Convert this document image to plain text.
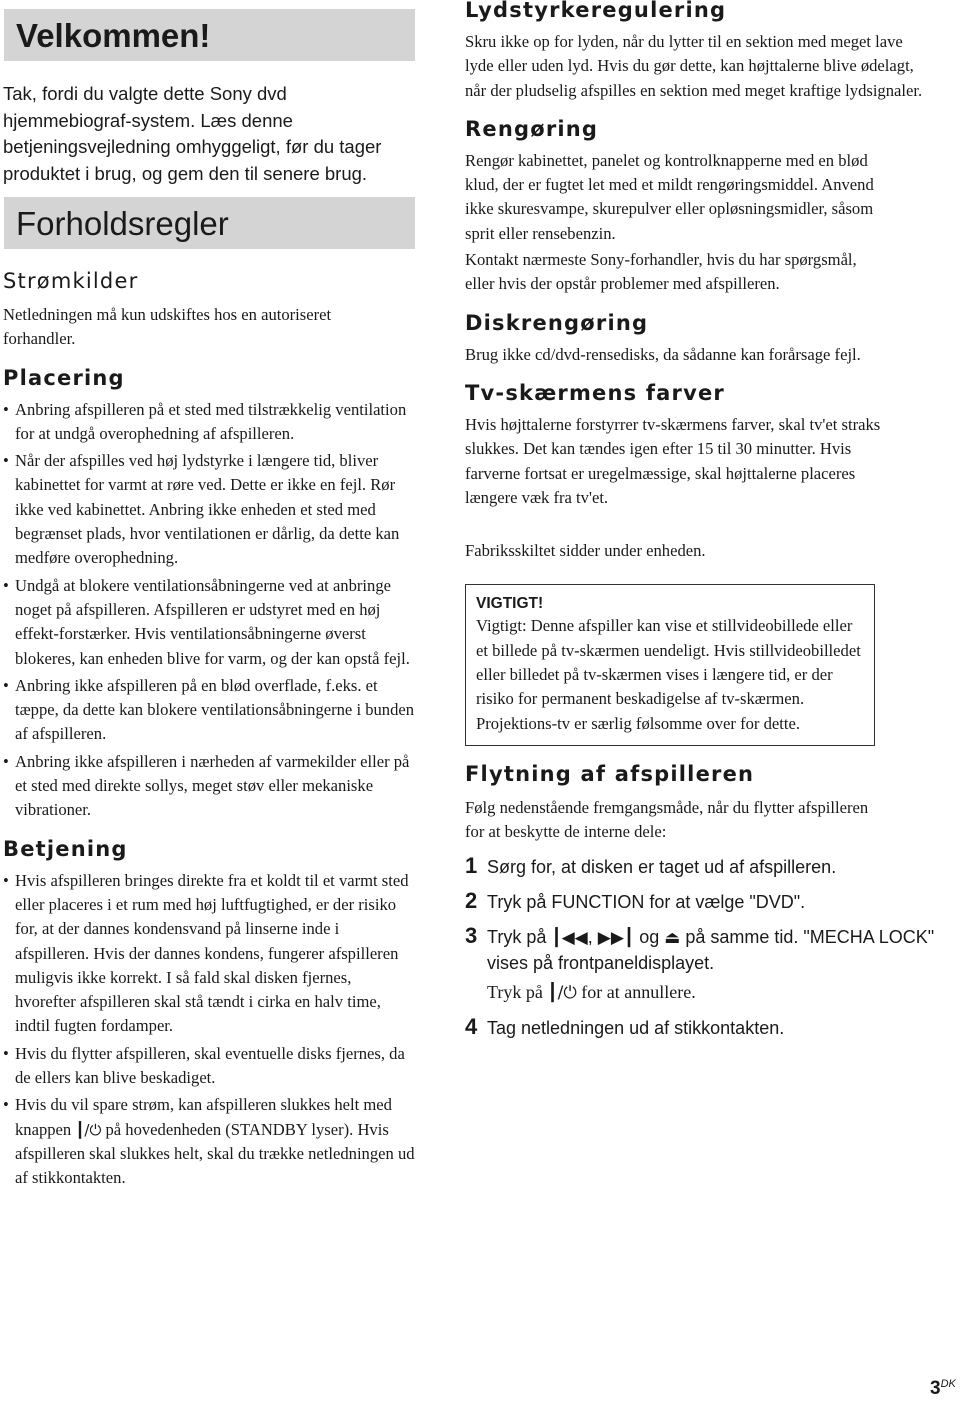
Velkommen!

Tak, fordi du valgte dette Sony dvd hjemmebiograf-system. Læs denne betjeningsvejledning omhyggeligt, før du tager produktet i brug, og gem den til senere brug.

Forholdsregler
Strømkilder

Netledningen må kun udskiftes hos en autoriseret forhandler.

Placering
• Anbring afspilleren på et sted med tilstrækkelig ventilation for at undgå overophedning af afspilleren.
• Når der afspilles ved høj lydstyrke i længere tid, bliver kabinettet for varmt at røre ved. Dette er ikke en fejl. Rør ikke ved kabinettet. Anbring ikke enheden et sted med begrænset plads, hvor ventilationen er dårlig, da dette kan medføre overophedning.
• Undgå at blokere ventilationsåbningerne ved at anbringe noget på afspilleren. Afspilleren er udstyret med en høj effekt-forstærker. Hvis ventilationsåbningerne øverst blokeres, kan enheden blive for varm, og der kan opstå fejl.
• Anbring ikke afspilleren på en blød overflade, f.eks. et tæppe, da dette kan blokere ventilationsåbningerne i bunden af afspilleren.
• Anbring ikke afspilleren i nærheden af varmekilder eller på et sted med direkte sollys, meget støv eller mekaniske vibrationer.
Betjening
• Hvis afspilleren bringes direkte fra et koldt til et varmt sted eller placeres i et rum med høj luftfugtighed, er der risiko for, at der dannes kondensvand på linserne inde i afspilleren. Hvis der dannes kondens, fungerer afspilleren muligvis ikke korrekt. I så fald skal disken fjernes, hvorefter afspilleren skal stå tændt i cirka en halv time, indtil fugten fordamper.
• Hvis du flytter afspilleren, skal eventuelle disks fjernes, da de ellers kan blive beskadiget.
• Hvis du vil spare strøm, kan afspilleren slukkes helt med knappen ┃/⏻ på hovedenheden (STANDBY lyser). Hvis afspilleren skal slukkes helt, skal du trække netledningen ud af stikkontakten.
Lydstyrkeregulering

Skru ikke op for lyden, når du lytter til en sektion med meget lave lyde eller uden lyd. Hvis du gør dette, kan højttalerne blive ødelagt, når der pludselig afspilles en sektion med meget kraftige lydsignaler.

Rengøring

Rengør kabinettet, panelet og kontrolknapperne med en blød klud, der er fugtet let med et mildt rengøringsmiddel. Anvend ikke skuresvampe, skurepulver eller opløsningsmidler, såsom sprit eller rensebenzin.

Kontakt nærmeste Sony-forhandler, hvis du har spørgsmål, eller hvis der opstår problemer med afspilleren.

Diskrengøring

Brug ikke cd/dvd-rensedisks, da sådanne kan forårsage fejl.

Tv-skærmens farver

Hvis højttalerne forstyrrer tv-skærmens farver, skal tv'et straks slukkes. Det kan tændes igen efter 15 til 30 minutter. Hvis farverne fortsat er uregelmæssige, skal højttalerne placeres længere væk fra tv'et.

Fabriksskiltet sidder under enheden.

VIGTIGT!

Vigtigt: Denne afspiller kan vise et stillvideobillede eller et billede på tv-skærmen uendeligt. Hvis stillvideobilledet eller billedet på tv-skærmen vises i længere tid, er der risiko for permanent beskadigelse af tv-skærmen. Projektions-tv er særlig følsomme over for dette.

Flytning af afspilleren

Følg nedenstående fremgangsmåde, når du flytter afspilleren for at beskytte de interne dele:

1 Sørg for, at disken er taget ud af afspilleren.
2 Tryk på FUNCTION for at vælge "DVD".
3 Tryk på ┃◀◀, ▶▶┃ og ⏏ på samme tid. "MECHA LOCK" vises på frontpaneldisplayet.
Tryk på ┃/⏻ for at annullere.
4 Tag netledningen ud af stikkontakten.
$3^{DK}$
